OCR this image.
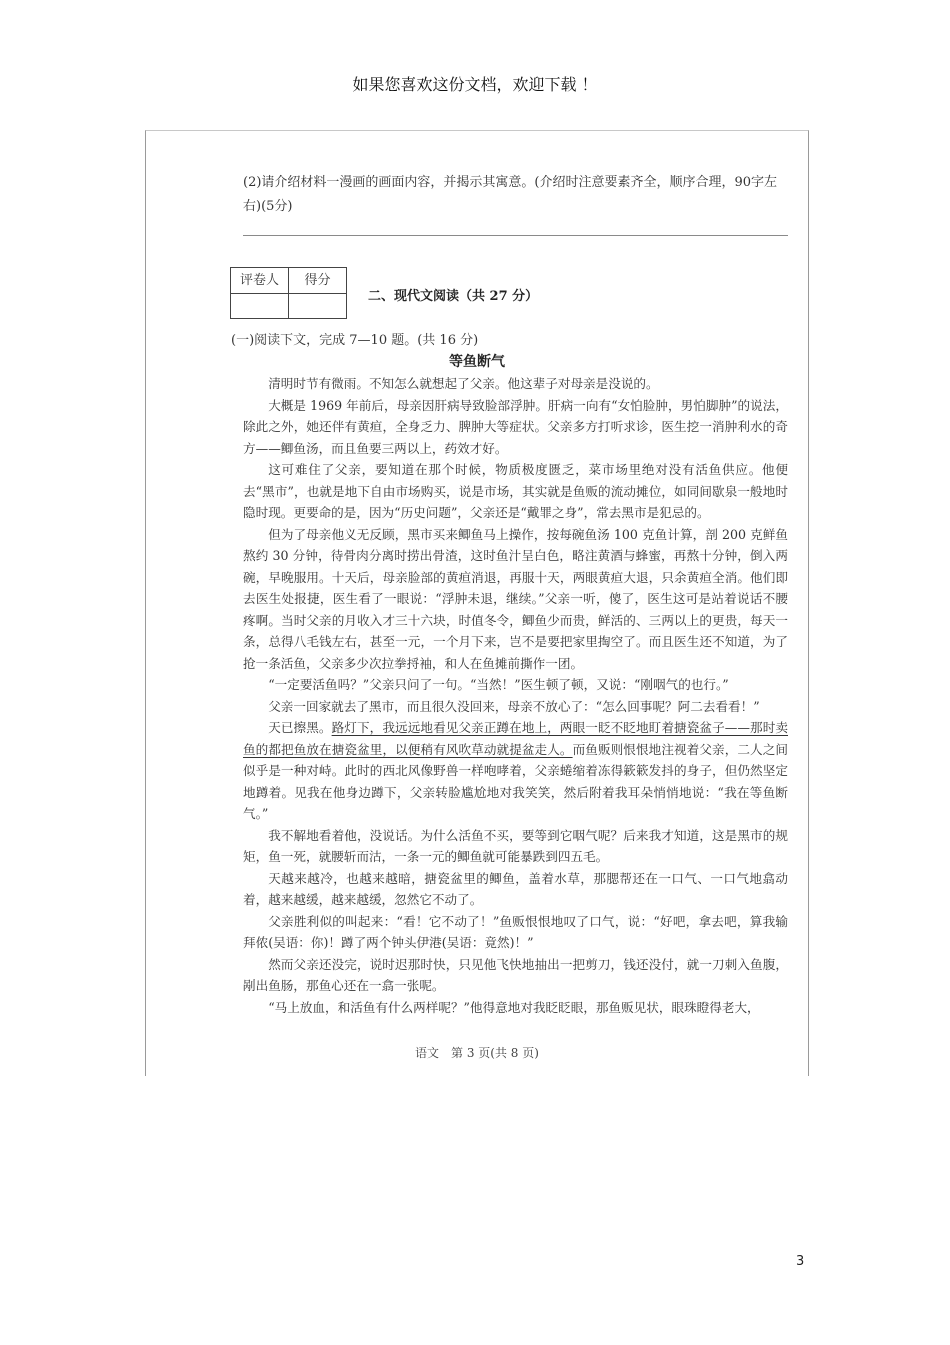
如果您喜欢这份文档，欢迎下载 ！
(2)请介绍材料一漫画的画面内容，并揭示其寓意。(介绍时注意要素齐全，顺序合理，90字左右)(5分)
评卷人	得分
二、现代文阅读（共 27 分）
(一)阅读下文，完成 7—10 题。(共 16 分)
等鱼断气

清明时节有微雨。不知怎么就想起了父亲。他这辈子对母亲是没说的。

大概是 1969 年前后，母亲因肝病导致脸部浮肿。肝病一向有“女怕脸肿，男怕脚肿”的说法，除此之外，她还伴有黄疸，全身乏力、脾肿大等症状。父亲多方打听求诊，医生挖一消肿利水的奇方——鲫鱼汤，而且鱼要三两以上，药效才好。

这可难住了父亲，要知道在那个时候，物质极度匮乏，菜市场里绝对没有活鱼供应。他便去“黑市”，也就是地下自由市场购买，说是市场，其实就是鱼贩的流动摊位，如同间歇泉一般地时隐时现。更要命的是，因为“历史问题”，父亲还是“戴罪之身”，常去黑市是犯忌的。

但为了母亲他义无反顾，黑市买来鲫鱼马上操作，按每碗鱼汤 100 克鱼计算，剖 200 克鲜鱼熬约 30 分钟，待骨肉分离时捞出骨渣，这时鱼汁呈白色，略注黄酒与蜂蜜，再熬十分钟，倒入两碗，早晚服用。十天后，母亲脸部的黄疸消退，再服十天，两眼黄疸大退，只余黄疸全消。他们即去医生处报捷，医生看了一眼说：“浮肿未退，继续。”父亲一听，傻了，医生这可是站着说话不腰疼啊。当时父亲的月收入才三十六块，时值冬令，鲫鱼少而贵，鲜活的、三两以上的更贵，每天一条，总得八毛钱左右，甚至一元，一个月下来，岂不是要把家里掏空了。而且医生还不知道，为了抢一条活鱼，父亲多少次拉拳捋袖，和人在鱼摊前撕作一团。

“一定要活鱼吗？”父亲只问了一句。“当然！”医生顿了顿，又说：“刚咽气的也行。”

父亲一回家就去了黑市，而且很久没回来，母亲不放心了：“怎么回事呢？阿二去看看！”

天已擦黑。路灯下，我远远地看见父亲正蹲在地上，两眼一眨不眨地盯着搪瓷盆子——那时卖鱼的都把鱼放在搪瓷盆里，以便稍有风吹草动就提盆走人。而鱼贩则恨恨地注视着父亲，二人之间似乎是一种对峙。此时的西北风像野兽一样咆哮着，父亲蜷缩着冻得簌簌发抖的身子，但仍然坚定地蹲着。见我在他身边蹲下，父亲转脸尴尬地对我笑笑，然后附着我耳朵悄悄地说：“我在等鱼断气。”

我不解地看着他，没说话。为什么活鱼不买，要等到它咽气呢？后来我才知道，这是黑市的规矩，鱼一死，就腰斩而沽，一条一元的鲫鱼就可能暴跌到四五毛。

天越来越冷，也越来越暗，搪瓷盆里的鲫鱼，盖着水草，那腮帮还在一口气、一口气地翕动着，越来越缓，越来越缓，忽然它不动了。

父亲胜利似的叫起来：“看！它不动了！”鱼贩恨恨地叹了口气，说：“好吧，拿去吧，算我输拜侬(吴语：你)！蹲了两个钟头伊港(吴语：竟然)！”

然而父亲还没完，说时迟那时快，只见他飞快地抽出一把剪刀，钱还没付，就一刀刺入鱼腹，剐出鱼肠，那鱼心还在一翕一张呢。

“马上放血，和活鱼有什么两样呢？”他得意地对我眨眨眼，那鱼贩见状，眼珠瞪得老大，

语文　第 3 页(共 8 页)
3
